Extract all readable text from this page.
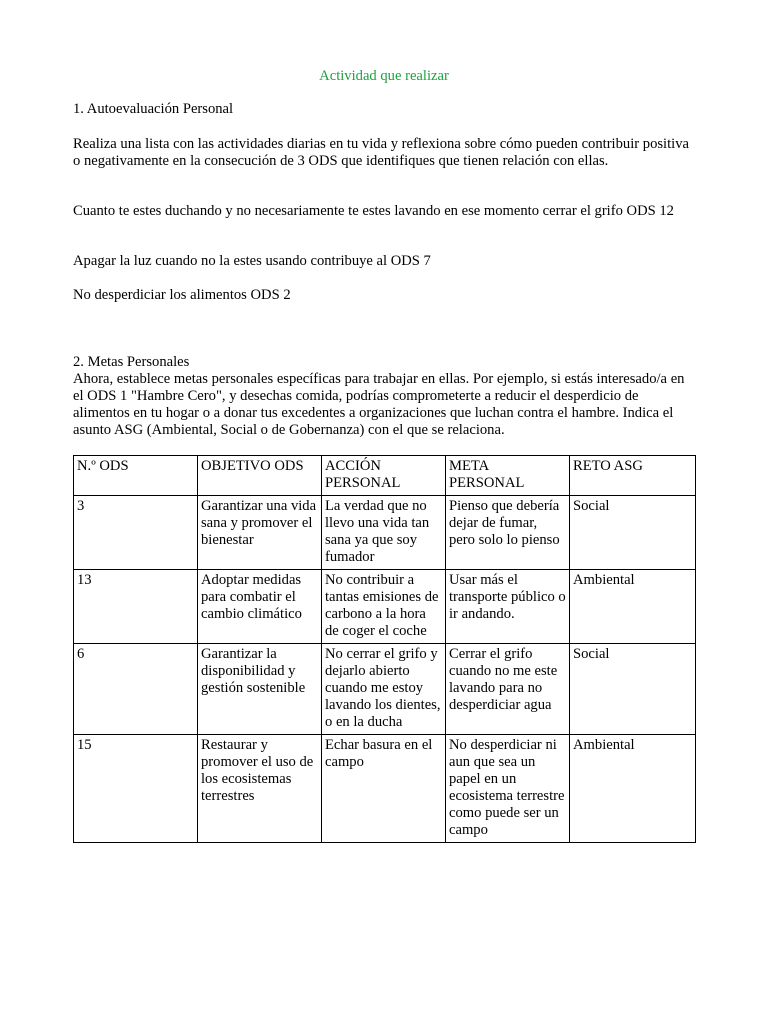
Actividad que realizar

1. Autoevaluación Personal

Realiza una lista con las actividades diarias en tu vida y reflexiona sobre cómo pueden contribuir positiva o negativamente en la consecución de 3 ODS que identifiques que tienen relación con ellas.

Cuanto te estes duchando y no necesariamente te estes lavando en ese momento cerrar el grifo ODS 12

Apagar la luz cuando no la estes usando contribuye al ODS 7

No desperdiciar los alimentos ODS 2

2. Metas Personales

Ahora, establece metas personales específicas para trabajar en ellas. Por ejemplo, si estás interesado/a en el ODS 1 "Hambre Cero", y desechas comida, podrías comprometerte a reducir el desperdicio de alimentos en tu hogar o a donar tus excedentes a organizaciones que luchan contra el hambre. Indica el asunto ASG (Ambiental, Social o de Gobernanza) con el que se relaciona.

N.º ODS	OBJETIVO ODS	ACCIÓN PERSONAL	META PERSONAL	RETO ASG
3	Garantizar una vida sana y promover el bienestar	La verdad que no llevo una vida tan sana ya que soy fumador	Pienso que debería dejar de fumar, pero solo lo pienso	Social
13	Adoptar medidas para combatir el cambio climático	No contribuir a tantas emisiones de carbono a la hora de coger el coche	Usar más el transporte público o ir andando.	Ambiental
6	Garantizar la disponibilidad y gestión sostenible	No cerrar el grifo y dejarlo abierto cuando me estoy lavando los dientes, o en la ducha	Cerrar el grifo cuando no me este lavando para no desperdiciar agua	Social
15	Restaurar y promover el uso de los ecosistemas terrestres	Echar basura en el campo	No desperdiciar ni aun que sea un papel en un ecosistema terrestre como puede ser un campo	Ambiental
